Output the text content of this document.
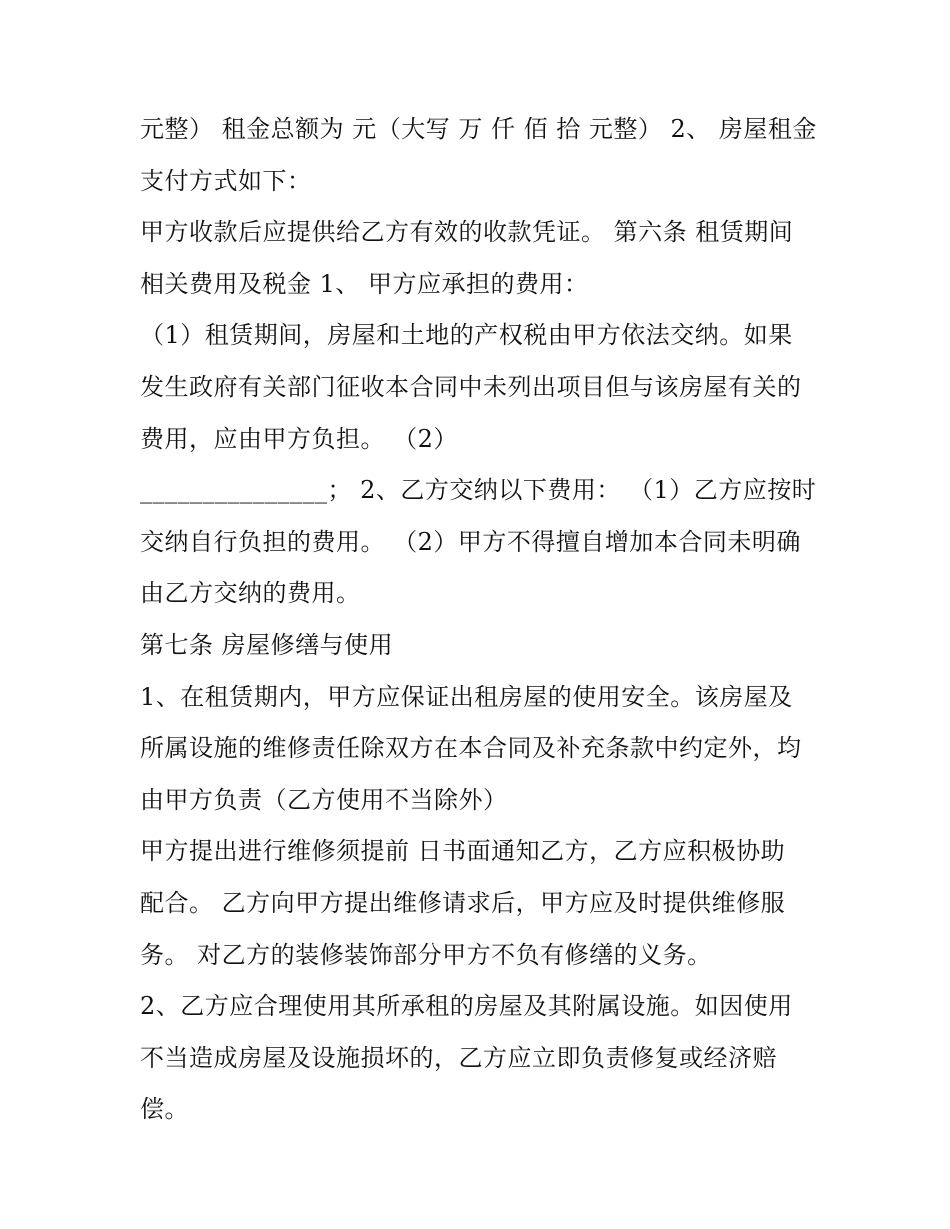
元整） 租金总额为 元（大写 万 仟 佰 拾 元整） 2、 房屋租金
支付方式如下：
甲方收款后应提供给乙方有效的收款凭证。 第六条 租赁期间
相关费用及税金 1、 甲方应承担的费用：
（1）租赁期间，房屋和土地的产权税由甲方依法交纳。如果
发生政府有关部门征收本合同中未列出项目但与该房屋有关的
费用，应由甲方负担。 （2）
_______________； 2、乙方交纳以下费用： （1）乙方应按时
交纳自行负担的费用。 （2）甲方不得擅自增加本合同未明确
由乙方交纳的费用。
第七条 房屋修缮与使用
1、在租赁期内，甲方应保证出租房屋的使用安全。该房屋及
所属设施的维修责任除双方在本合同及补充条款中约定外，均
由甲方负责（乙方使用不当除外）
甲方提出进行维修须提前 日书面通知乙方，乙方应积极协助
配合。 乙方向甲方提出维修请求后，甲方应及时提供维修服
务。 对乙方的装修装饰部分甲方不负有修缮的义务。
2、乙方应合理使用其所承租的房屋及其附属设施。如因使用
不当造成房屋及设施损坏的，乙方应立即负责修复或经济赔
偿。
